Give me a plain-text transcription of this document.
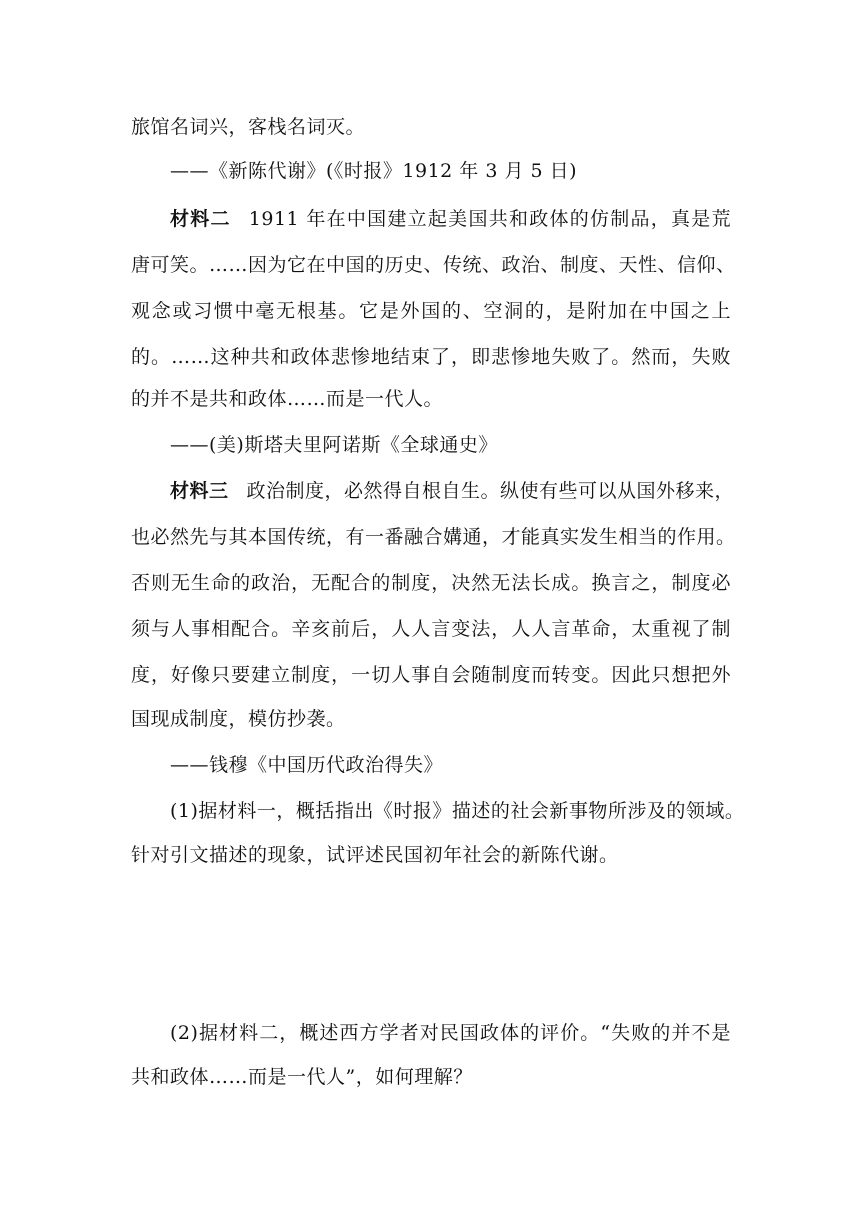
旅馆名词兴，客栈名词灭。
——《新陈代谢》(《时报》1912 年 3 月 5 日)
材料二 1911 年在中国建立起美国共和政体的仿制品，真是荒
唐可笑。……因为它在中国的历史、传统、政治、制度、天性、信仰、
观念或习惯中毫无根基。它是外国的、空洞的，是附加在中国之上
的。……这种共和政体悲惨地结束了，即悲惨地失败了。然而，失败
的并不是共和政体……而是一代人。
——(美)斯塔夫里阿诺斯《全球通史》
材料三 政治制度，必然得自根自生。纵使有些可以从国外移来，
也必然先与其本国传统，有一番融合媾通，才能真实发生相当的作用。
否则无生命的政治，无配合的制度，决然无法长成。换言之，制度必
须与人事相配合。辛亥前后，人人言变法，人人言革命，太重视了制
度，好像只要建立制度，一切人事自会随制度而转变。因此只想把外
国现成制度，模仿抄袭。
——钱穆《中国历代政治得失》
(1)据材料一，概括指出《时报》描述的社会新事物所涉及的领域。
针对引文描述的现象，试评述民国初年社会的新陈代谢。
(2)据材料二，概述西方学者对民国政体的评价。“失败的并不是
共和政体……而是一代人”，如何理解？
